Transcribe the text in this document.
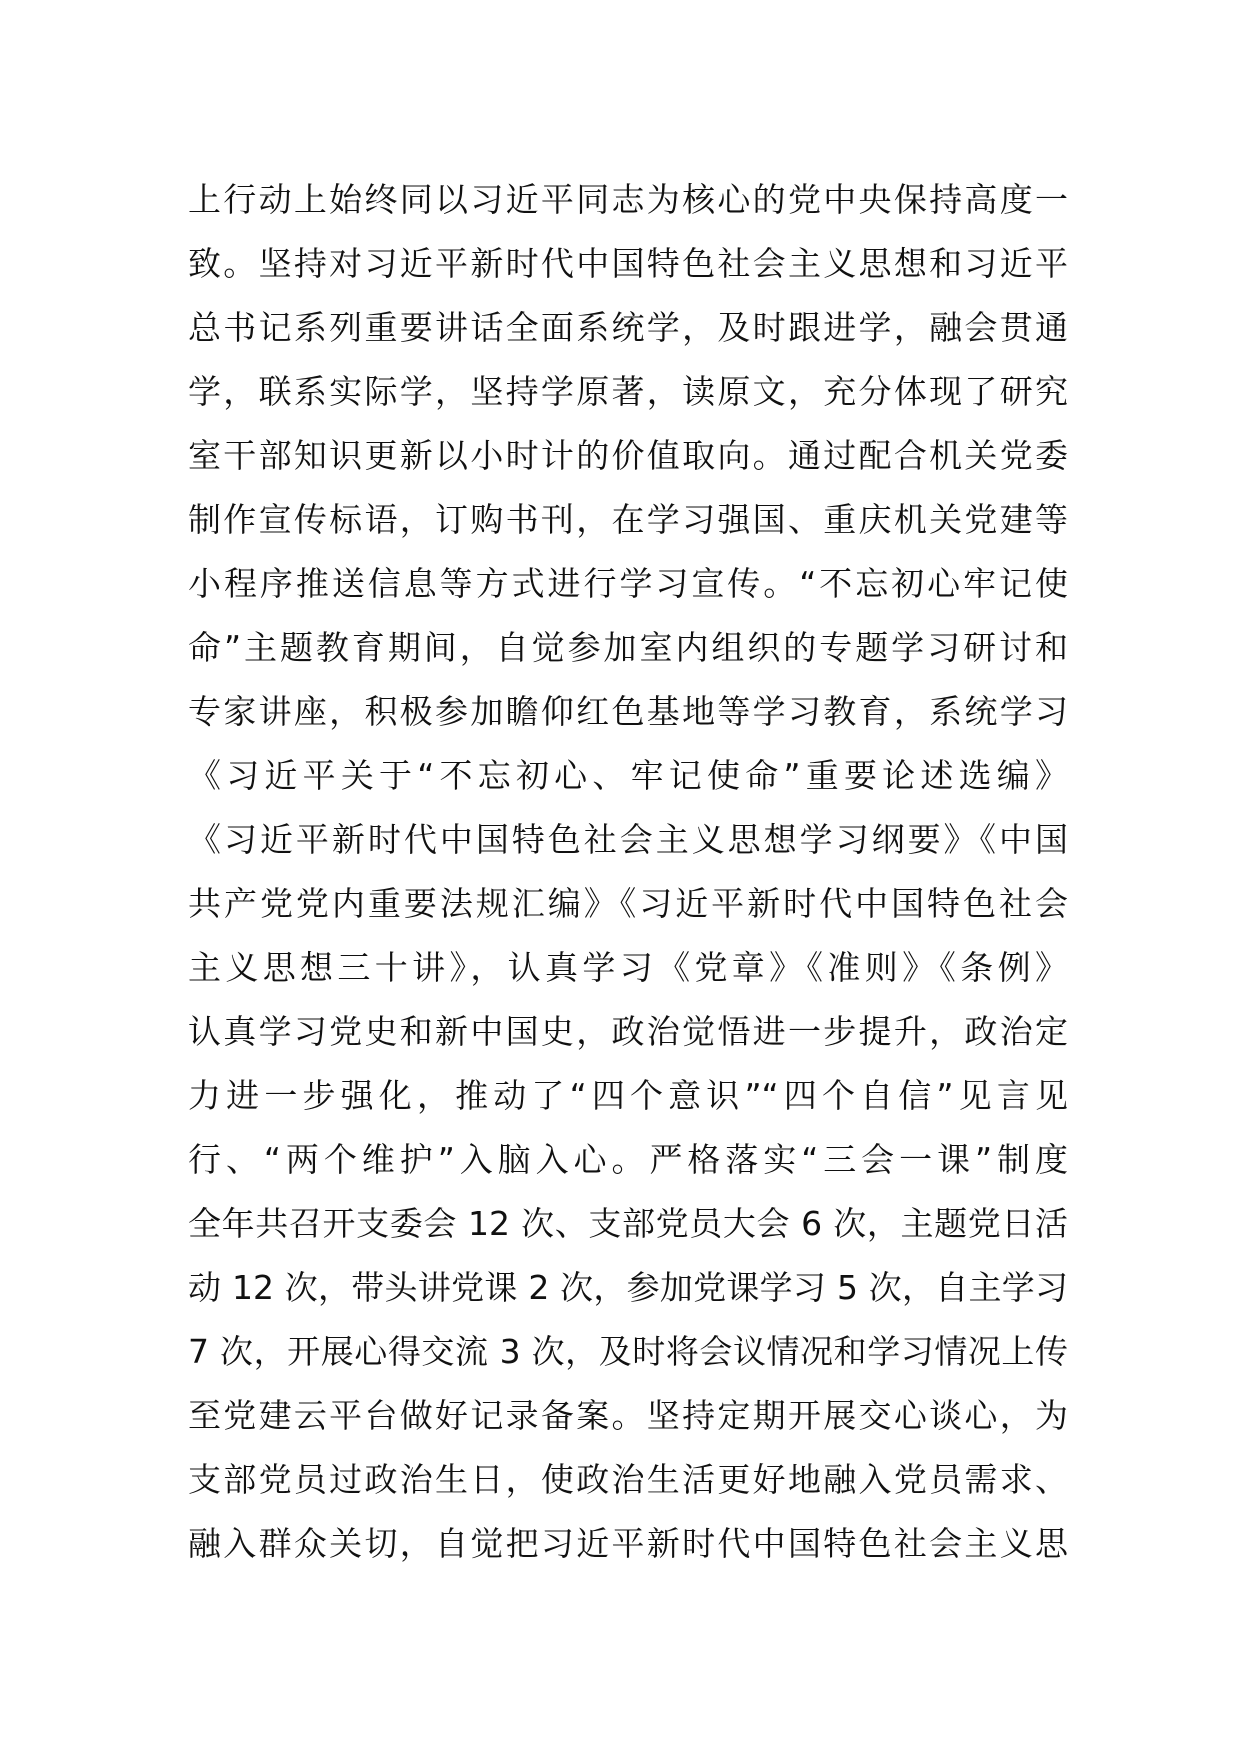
上行动上始终同以习近平同志为核心的党中央保持高度一
致。坚持对习近平新时代中国特色社会主义思想和习近平
总书记系列重要讲话全面系统学，及时跟进学，融会贯通
学，联系实际学，坚持学原著，读原文，充分体现了研究
室干部知识更新以小时计的价值取向。通过配合机关党委
制作宣传标语，订购书刊，在学习强国、重庆机关党建等
小程序推送信息等方式进行学习宣传。“不忘初心牢记使
命”主题教育期间，自觉参加室内组织的专题学习研讨和
专家讲座，积极参加瞻仰红色基地等学习教育，系统学习
《习近平关于“不忘初心、牢记使命”重要论述选编》
《习近平新时代中国特色社会主义思想学习纲要》《中国
共产党党内重要法规汇编》《习近平新时代中国特色社会
主义思想三十讲》，认真学习《党章》《准则》《条例》
认真学习党史和新中国史，政治觉悟进一步提升，政治定
力进一步强化，推动了“四个意识”“四个自信”见言见
行、“两个维护”入脑入心。严格落实“三会一课”制度
全年共召开支委会 12 次、支部党员大会 6 次，主题党日活
动 12 次，带头讲党课 2 次，参加党课学习 5 次，自主学习
7 次，开展心得交流 3 次，及时将会议情况和学习情况上传
至党建云平台做好记录备案。坚持定期开展交心谈心，为
支部党员过政治生日，使政治生活更好地融入党员需求、
融入群众关切，自觉把习近平新时代中国特色社会主义思
